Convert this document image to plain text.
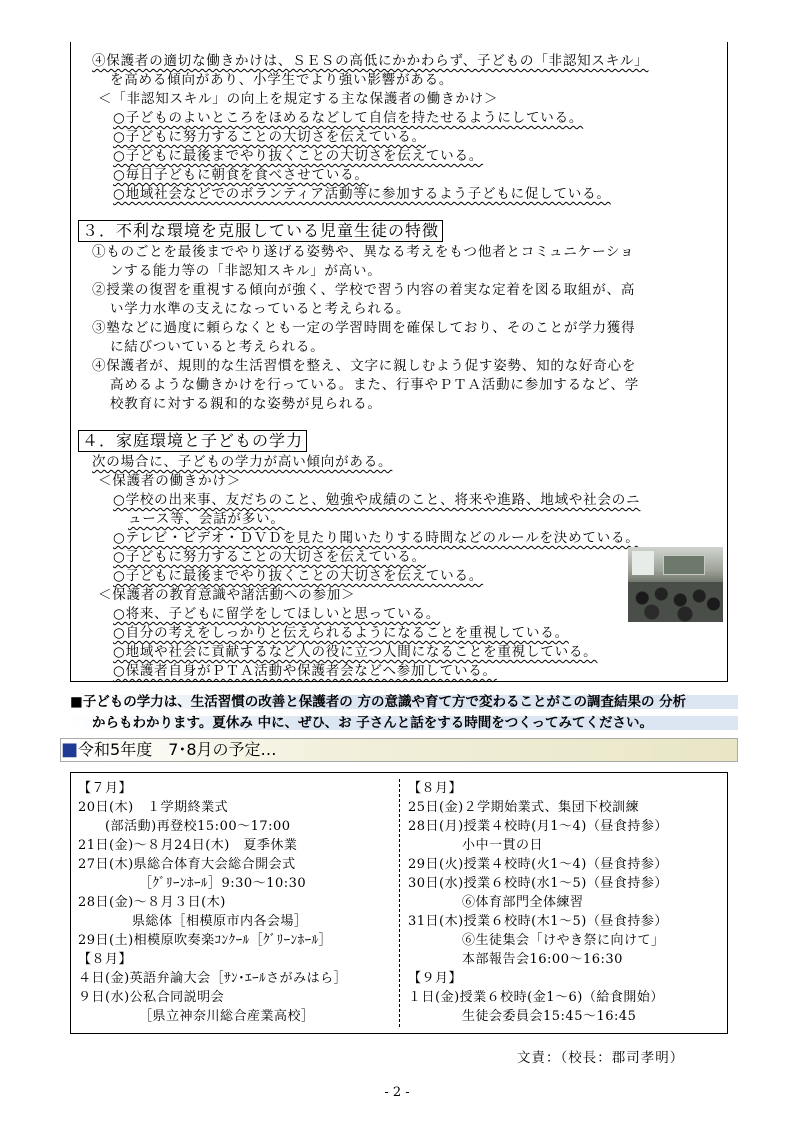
④保護者の適切な働きかけは、ＳＥＳの高低にかかわらず、子どもの「非認知スキル」
を高める傾向があり、小学生でより強い影響がある。
＜「非認知スキル」の向上を規定する主な保護者の働きかけ＞
○子どものよいところをほめるなどして自信を持たせるようにしている。
○子どもに努力することの大切さを伝えている。
○子どもに最後までやり抜くことの大切さを伝えている。
○毎日子どもに朝食を食べさせている。
○地域社会などでのボランティア活動等に参加するよう子どもに促している。
３．不利な環境を克服している児童生徒の特徴
①ものごとを最後までやり遂げる姿勢や、異なる考えをもつ他者とコミュニケーショ
ンする能力等の「非認知スキル」が高い。
②授業の復習を重視する傾向が強く、学校で習う内容の着実な定着を図る取組が、高
い学力水準の支えになっていると考えられる。
③塾などに過度に頼らなくとも一定の学習時間を確保しており、そのことが学力獲得
に結びついていると考えられる。
④保護者が、規則的な生活習慣を整え、文字に親しむよう促す姿勢、知的な好奇心を
高めるような働きかけを行っている。また、行事やＰＴＡ活動に参加するなど、学
校教育に対する親和的な姿勢が見られる。
４．家庭環境と子どもの学力
次の場合に、子どもの学力が高い傾向がある。
＜保護者の働きかけ＞
○学校の出来事、友だちのこと、勉強や成績のこと、将来や進路、地域や社会のニ
ュース等、会話が多い。
○テレビ・ビデオ・ＤＶＤを見たり聞いたりする時間などのルールを決めている。
○子どもに努力することの大切さを伝えている。
○子どもに最後までやり抜くことの大切さを伝えている。
＜保護者の教育意識や諸活動への参加＞
○将来、子どもに留学をしてほしいと思っている。
○自分の考えをしっかりと伝えられるようになることを重視している。
○地域や社会に貢献するなど人の役に立つ人間になることを重視している。
○保護者自身がＰＴＡ活動や保護者会などへ参加している。
■子どもの学力は、生活習慣の改善と保護者の 方の意識や育て方で変わることがこの調査結果の 分析
からもわかります。夏休み 中に、ぜひ、お 子さんと話をする時間をつくってみてください。
■令和5年度　7･8月の予定…
【７月】
20日(木)　１学期終業式
　　(部活動)再登校15:00～17:00
21日(金)～８月24日(木)　夏季休業
27日(木)県総合体育大会総合開会式
　　　　　［ｸﾞﾘｰﾝﾎｰﾙ］9:30～10:30
28日(金)～８月３日(木)
　　　　県総体［相模原市内各会場］
29日(土)相模原吹奏楽ｺﾝｸｰﾙ［ｸﾞﾘｰﾝﾎｰﾙ］
【８月】
４日(金)英語弁論大会［ｻﾝ･ｴｰﾙさがみはら］
９日(水)公私合同説明会
　　　　　［県立神奈川総合産業高校］
【８月】
25日(金)２学期始業式、集団下校訓練
28日(月)授業４校時(月1～4)（昼食持参）
　　　　小中一貫の日
29日(火)授業４校時(火1～4)（昼食持参）
30日(水)授業６校時(水1～5)（昼食持参）
　　　　⑥体育部門全体練習
31日(木)授業６校時(木1～5)（昼食持参）
　　　　⑥生徒集会「けやき祭に向けて」
　　　　本部報告会16:00～16:30
【９月】
１日(金)授業６校時(金1～6)（給食開始）
　　　　生徒会委員会15:45～16:45
文責：（校長：郡司孝明）
- 2 -
